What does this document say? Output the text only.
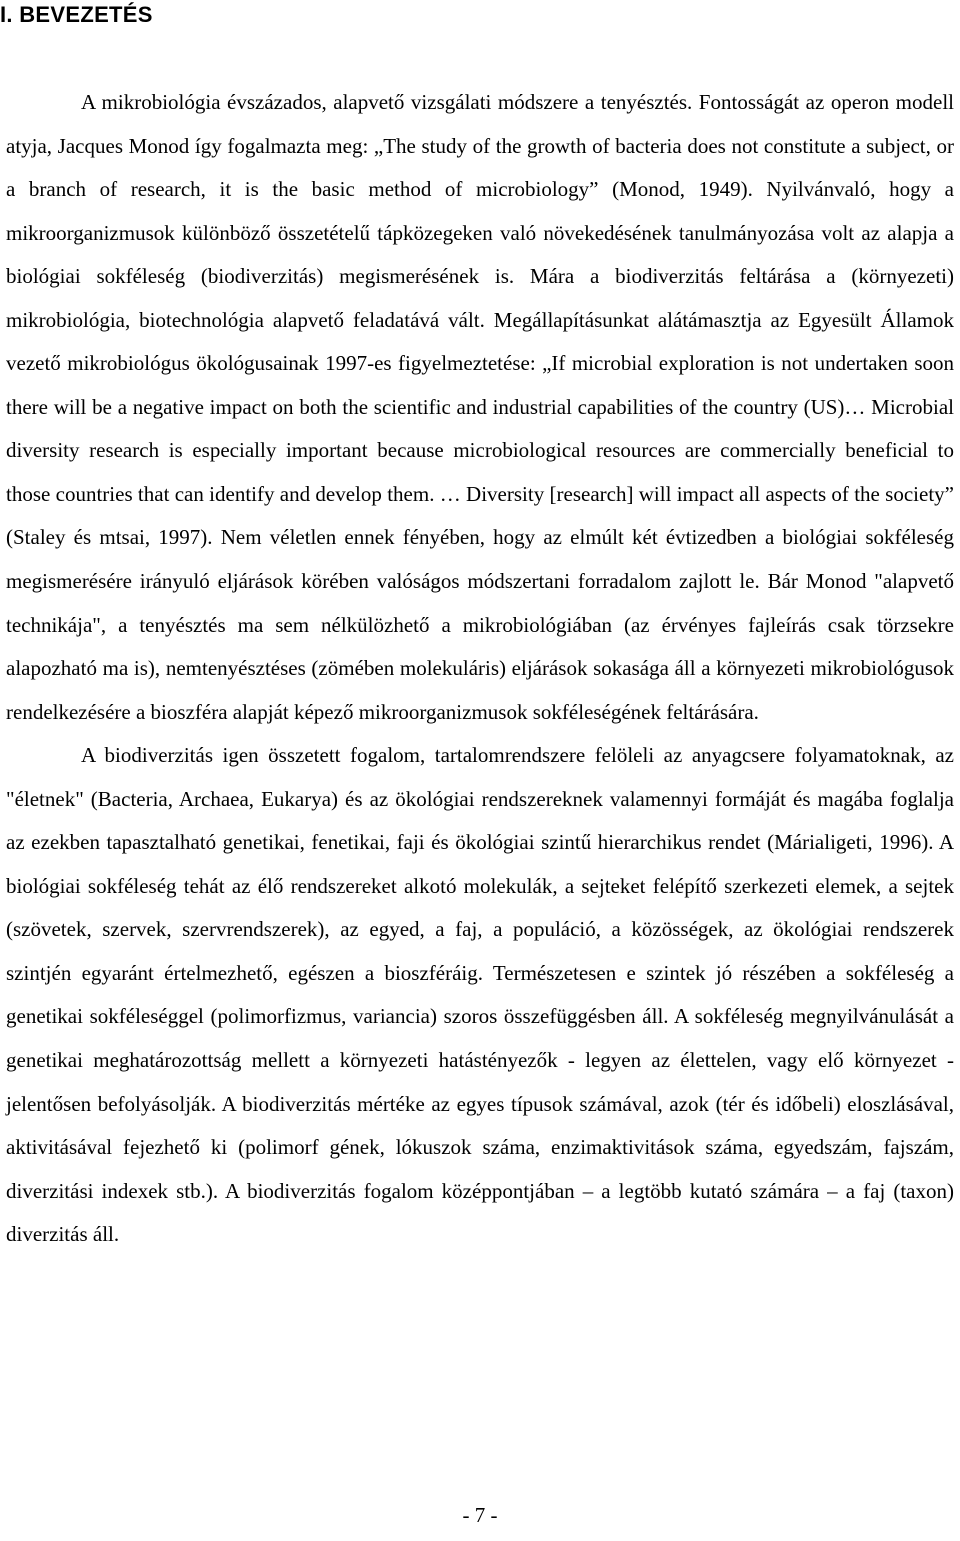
I. BEVEZETÉS

A mikrobiológia évszázados, alapvető vizsgálati módszere a tenyésztés. Fontosságát az operon modell atyja, Jacques Monod így fogalmazta meg: „The study of the growth of bacteria does not constitute a subject, or a branch of research, it is the basic method of microbiology” (Monod, 1949). Nyilvánvaló, hogy a mikroorganizmusok különböző összetételű tápközegeken való növekedésének tanulmányozása volt az alapja a biológiai sokféleség (biodiverzitás) megismerésének is. Mára a biodiverzitás feltárása a (környezeti) mikrobiológia, biotechnológia alapvető feladatává vált. Megállapításunkat alátámasztja az Egyesült Államok vezető mikrobiológus ökológusainak 1997-es figyelmeztetése: „If microbial exploration is not undertaken soon there will be a negative impact on both the scientific and industrial capabilities of the country (US)… Microbial diversity research is especially important because microbiological resources are commercially beneficial to those countries that can identify and develop them. … Diversity [research] will impact all aspects of the society” (Staley és mtsai, 1997). Nem véletlen ennek fényében, hogy az elmúlt két évtizedben a biológiai sokféleség megismerésére irányuló eljárások körében valóságos módszertani forradalom zajlott le. Bár Monod "alapvető technikája", a tenyésztés ma sem nélkülözhető a mikrobiológiában (az érvényes fajleírás csak törzsekre alapozható ma is), nemtenyésztéses (zömében molekuláris) eljárások sokasága áll a környezeti mikrobiológusok rendelkezésére a bioszféra alapját képező mikroorganizmusok sokféleségének feltárására.

A biodiverzitás igen összetett fogalom, tartalomrendszere felöleli az anyagcsere folyamatoknak, az "életnek" (Bacteria, Archaea, Eukarya) és az ökológiai rendszereknek valamennyi formáját és magába foglalja az ezekben tapasztalható genetikai, fenetikai, faji és ökológiai szintű hierarchikus rendet (Márialigeti, 1996). A biológiai sokféleség tehát az élő rendszereket alkotó molekulák, a sejteket felépítő szerkezeti elemek, a sejtek (szövetek, szervek, szervrendszerek), az egyed, a faj, a populáció, a közösségek, az ökológiai rendszerek szintjén egyaránt értelmezhető, egészen a bioszféráig. Természetesen e szintek jó részében a sokféleség a genetikai sokféleséggel (polimorfizmus, variancia) szoros összefüggésben áll. A sokféleség megnyilvánulását a genetikai meghatározottság mellett a környezeti hatástényezők - legyen az élettelen, vagy elő környezet - jelentősen befolyásolják. A biodiverzitás mértéke az egyes típusok számával, azok (tér és időbeli) eloszlásával, aktivitásával fejezhető ki (polimorf gének, lókuszok száma, enzimaktivitások száma, egyedszám, fajszám, diverzitási indexek stb.). A biodiverzitás fogalom középpontjában – a legtöbb kutató számára – a faj (taxon) diverzitás áll.

- 7 -
